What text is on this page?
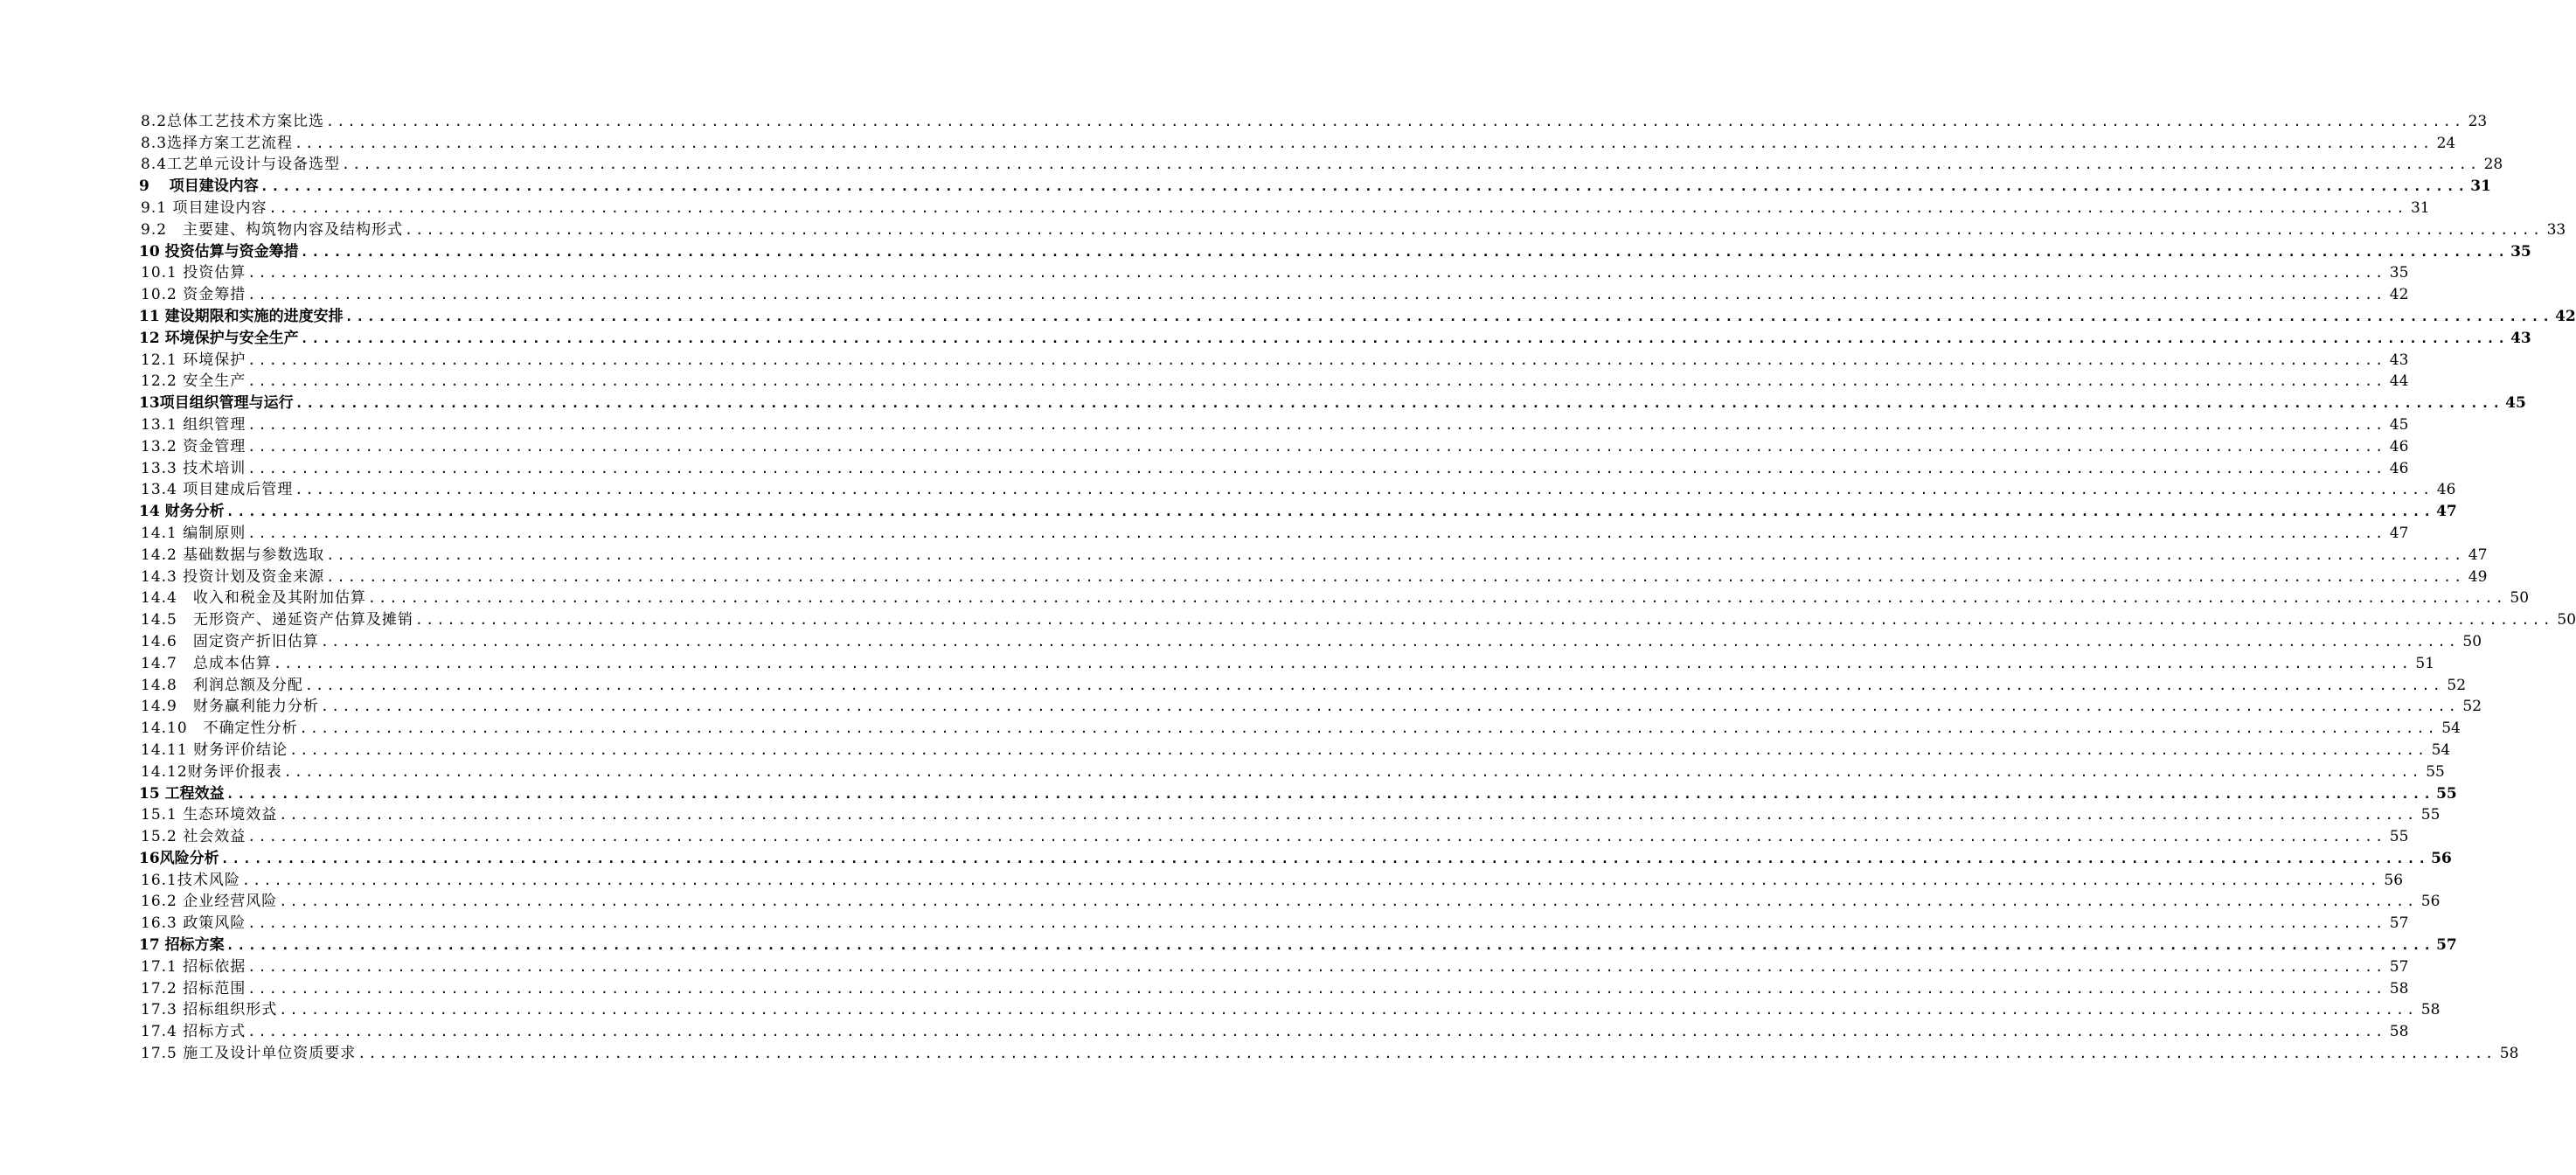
8.2总体工艺技术方案比选 ........................................................................................................................................................................................................ 23
8.3选择方案工艺流程 ........................................................................................................................................................................................................ 24
8.4工艺单元设计与设备选型 ........................................................................................................................................................................................................ 28
9　 项目建设内容 ........................................................................................................................................................................................................ 31
9.1 项目建设内容 ........................................................................................................................................................................................................ 31
9.2　主要建、构筑物内容及结构形式 ........................................................................................................................................................................................................ 33
10 投资估算与资金筹措 ........................................................................................................................................................................................................ 35
10.1 投资估算 ........................................................................................................................................................................................................ 35
10.2 资金筹措 ........................................................................................................................................................................................................ 42
11 建设期限和实施的进度安排 ........................................................................................................................................................................................................ 42
12 环境保护与安全生产 ........................................................................................................................................................................................................ 43
12.1 环境保护 ........................................................................................................................................................................................................ 43
12.2 安全生产 ........................................................................................................................................................................................................ 44
13项目组织管理与运行 ........................................................................................................................................................................................................ 45
13.1 组织管理 ........................................................................................................................................................................................................ 45
13.2 资金管理 ........................................................................................................................................................................................................ 46
13.3 技术培训 ........................................................................................................................................................................................................ 46
13.4 项目建成后管理 ........................................................................................................................................................................................................ 46
14 财务分析 ........................................................................................................................................................................................................ 47
14.1 编制原则 ........................................................................................................................................................................................................ 47
14.2 基础数据与参数选取 ........................................................................................................................................................................................................ 47
14.3 投资计划及资金来源 ........................................................................................................................................................................................................ 49
14.4　收入和税金及其附加估算 ........................................................................................................................................................................................................ 50
14.5　无形资产、递延资产估算及摊销 ........................................................................................................................................................................................................ 50
14.6　固定资产折旧估算 ........................................................................................................................................................................................................ 50
14.7　总成本估算 ........................................................................................................................................................................................................ 51
14.8　利润总额及分配 ........................................................................................................................................................................................................ 52
14.9　财务赢利能力分析 ........................................................................................................................................................................................................ 52
14.10　不确定性分析 ........................................................................................................................................................................................................ 54
14.11 财务评价结论 ........................................................................................................................................................................................................ 54
14.12财务评价报表 ........................................................................................................................................................................................................ 55
15 工程效益 ........................................................................................................................................................................................................ 55
15.1 生态环境效益 ........................................................................................................................................................................................................ 55
15.2 社会效益 ........................................................................................................................................................................................................ 55
16风险分析 ........................................................................................................................................................................................................ 56
16.1技术风险 ........................................................................................................................................................................................................ 56
16.2 企业经营风险 ........................................................................................................................................................................................................ 56
16.3 政策风险 ........................................................................................................................................................................................................ 57
17 招标方案 ........................................................................................................................................................................................................ 57
17.1 招标依据 ........................................................................................................................................................................................................ 57
17.2 招标范围 ........................................................................................................................................................................................................ 58
17.3 招标组织形式 ........................................................................................................................................................................................................ 58
17.4 招标方式 ........................................................................................................................................................................................................ 58
17.5 施工及设计单位资质要求 ........................................................................................................................................................................................................ 58
